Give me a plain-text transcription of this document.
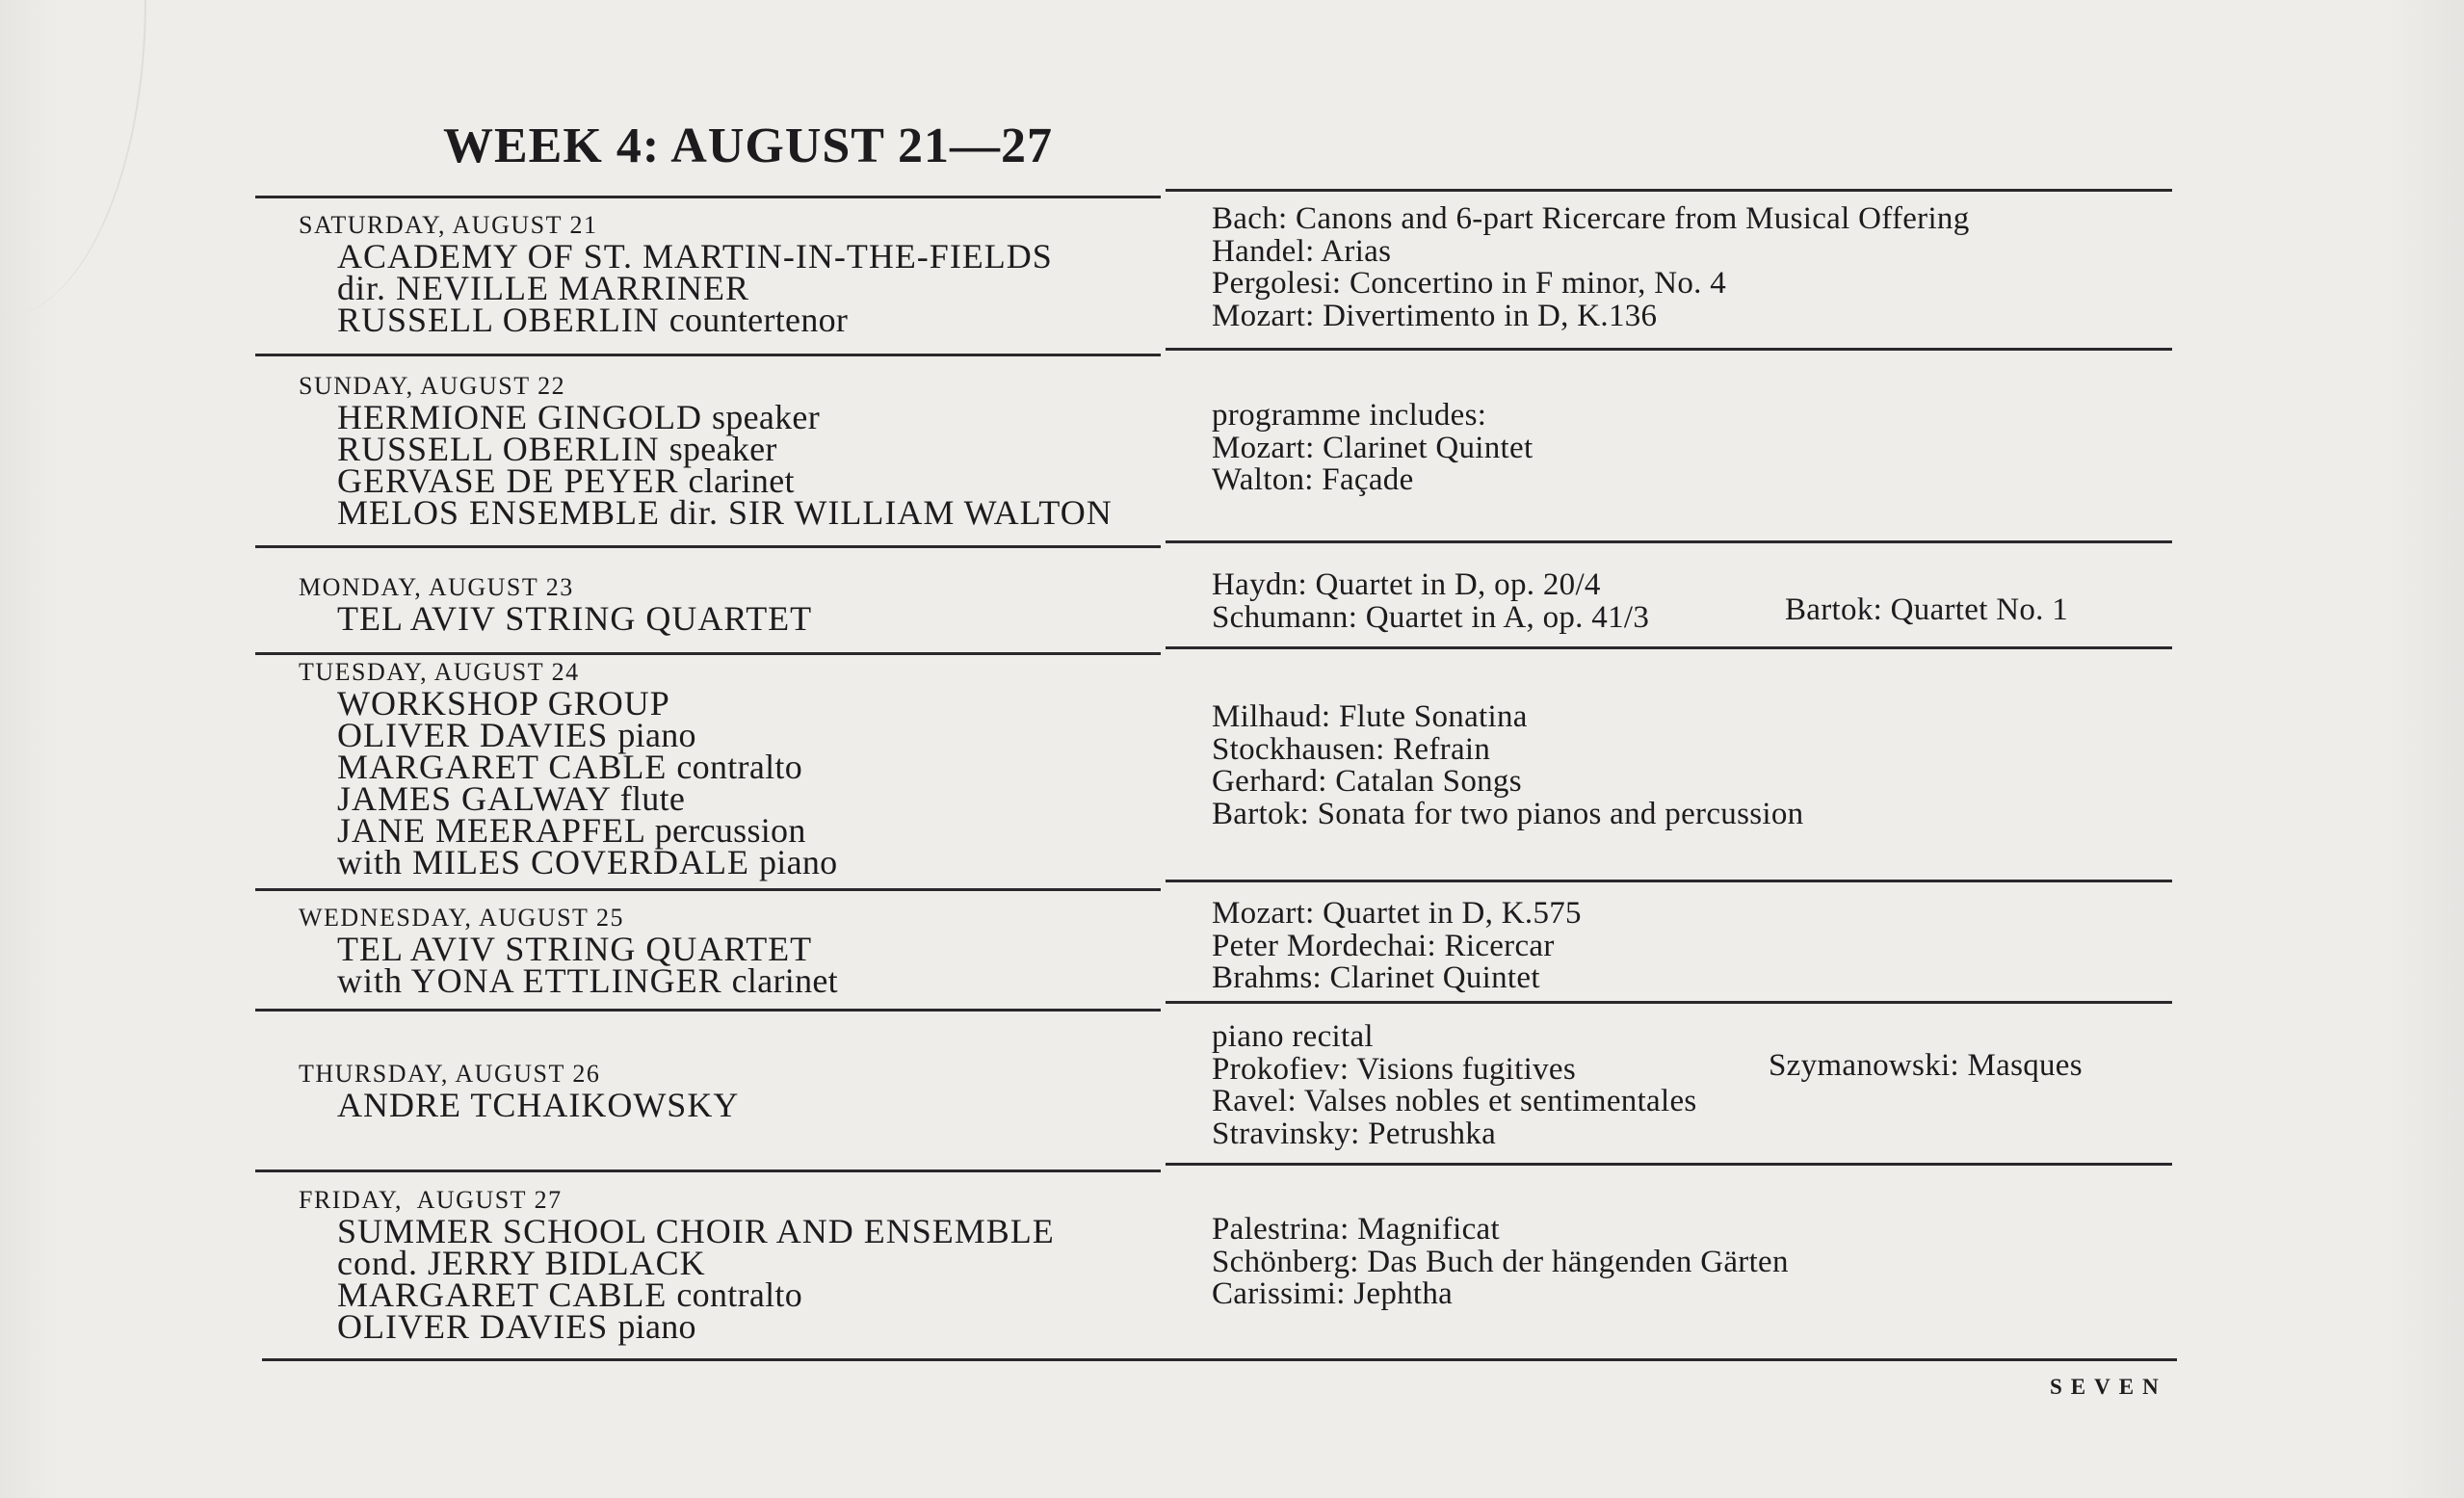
WEEK 4: AUGUST 21—27
SATURDAY, AUGUST 21
ACADEMY OF ST. MARTIN-IN-THE-FIELDS
dir. NEVILLE MARRINER
RUSSELL OBERLIN countertenor
Bach: Canons and 6-part Ricercare from Musical Offering
Handel: Arias
Pergolesi: Concertino in F minor, No. 4
Mozart: Divertimento in D, K.136
SUNDAY, AUGUST 22
HERMIONE GINGOLD speaker
RUSSELL OBERLIN speaker
GERVASE DE PEYER clarinet
MELOS ENSEMBLE dir. SIR WILLIAM WALTON
programme includes:
Mozart: Clarinet Quintet
Walton: Façade
MONDAY, AUGUST 23
TEL AVIV STRING QUARTET
Haydn: Quartet in D, op. 20/4
Schumann: Quartet in A, op. 41/3	Bartok: Quartet No. 1
TUESDAY, AUGUST 24
WORKSHOP GROUP
OLIVER DAVIES piano
MARGARET CABLE contralto
JAMES GALWAY flute
JANE MEERAPFEL percussion
with MILES COVERDALE piano
Milhaud: Flute Sonatina
Stockhausen: Refrain
Gerhard: Catalan Songs
Bartok: Sonata for two pianos and percussion
WEDNESDAY, AUGUST 25
TEL AVIV STRING QUARTET
with YONA ETTLINGER clarinet
Mozart: Quartet in D, K.575
Peter Mordechai: Ricercar
Brahms: Clarinet Quintet
THURSDAY, AUGUST 26
ANDRE TCHAIKOWSKY
piano recital
Prokofiev: Visions fugitives
Ravel: Valses nobles et sentimentales
Stravinsky: Petrushka
Szymanowski: Masques
FRIDAY,  AUGUST 27
SUMMER SCHOOL CHOIR AND ENSEMBLE
cond. JERRY BIDLACK
MARGARET CABLE contralto
OLIVER DAVIES piano
Palestrina: Magnificat
Schönberg: Das Buch der hängenden Gärten
Carissimi: Jephtha
SEVEN
